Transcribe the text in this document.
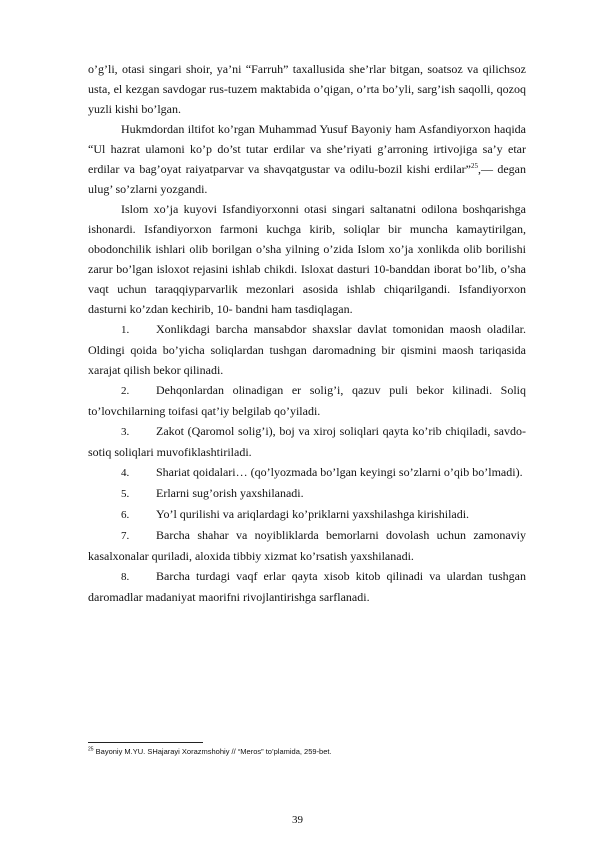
o’g’li, otasi singari shoir, ya’ni “Farruh” taxallusida she’rlar bitgan, soatsoz va qilichsoz usta, el kezgan savdogar rus-tuzem maktabida o’qigan, o’rta bo’yli, sarg’ish saqolli, qozoq yuzli kishi bo’lgan.

Hukmdordan iltifot ko’rgan Muhammad Yusuf Bayoniy ham Asfandiyorxon haqida “Ul hazrat ulamoni ko’p do’st tutar erdilar va she’riyati g’arroning irtivojiga sa’y etar erdilar va bag’oyat raiyatparvar va shavqatgustar va odilu-bozil kishi erdilar”$^{25}$,— degan ulug’ so’zlarni yozgandi.

Islom xo’ja kuyovi Isfandiyorxonni otasi singari saltanatni odilona boshqarishga ishonardi. Isfandiyorxon farmoni kuchga kirib, soliqlar bir muncha kamaytirilgan, obodonchilik ishlari olib borilgan o’sha yilning o’zida Islom xo’ja xonlikda olib borilishi zarur bo’lgan isloxot rejasini ishlab chikdi. Isloxat dasturi 10-banddan iborat bo’lib, o’sha vaqt uchun taraqqiyparvarlik mezonlari asosida ishlab chiqarilgandi. Isfandiyorxon dasturni ko’zdan kechirib, 10- bandni ham tasdiqlagan.

1. Xonlikdagi barcha mansabdor shaxslar davlat tomonidan maosh oladilar. Oldingi qoida bo’yicha soliqlardan tushgan daromadning bir qismini maosh tariqasida xarajat qilish bekor qilinadi.

2. Dehqonlardan olinadigan er solig’i, qazuv puli bekor kilinadi. Soliq to’lovchilarning toifasi qat’iy belgilab qo’yiladi.

3. Zakot (Qaromol solig’i), boj va xiroj soliqlari qayta ko’rib chiqiladi, savdo-sotiq soliqlari muvofiklashtiriladi.

4. Shariat qoidalari… (qo’lyozmada bo’lgan keyingi so’zlarni o’qib bo’lmadi).

5. Erlarni sug’orish yaxshilanadi.

6. Yo’l qurilishi va ariqlardagi ko’priklarni yaxshilashga kirishiladi.

7. Barcha shahar va noyibliklarda bemorlarni dovolash uchun zamonaviy kasalxonalar quriladi, aloxida tibbiy xizmat ko’rsatish yaxshilanadi.

8. Barcha turdagi vaqf erlar qayta xisob kitob qilinadi va ulardan tushgan daromadlar madaniyat maorifni rivojlantirishga sarflanadi.

$^{25}$ Bayoniy M.YU. SHajarayi Xorazmshohiy // “Meros” to’plamida, 259-bet.
39
